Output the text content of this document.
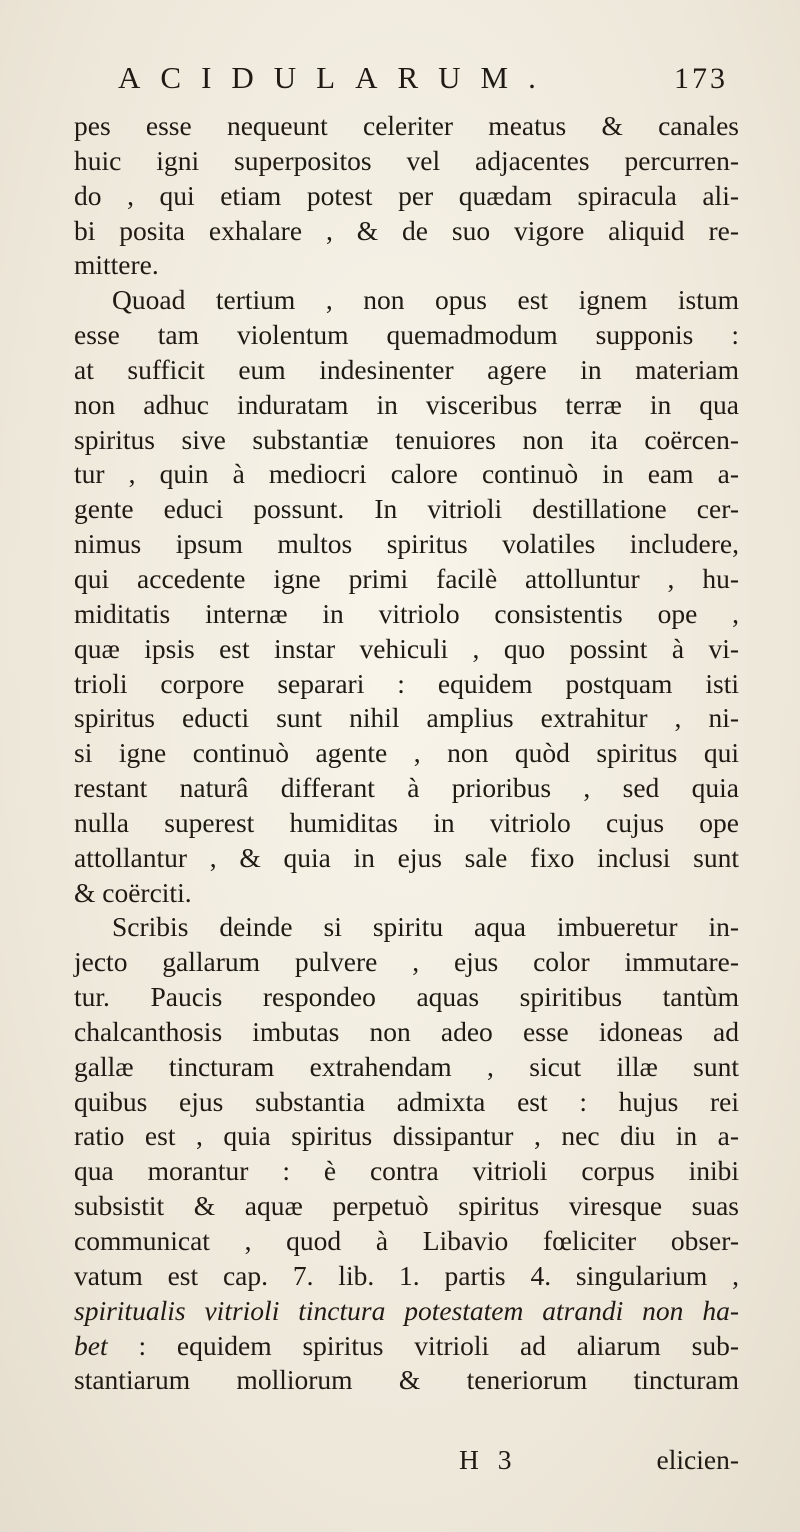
ACIDULARUM.	173
pes esse nequeunt celeriter meatus & canales
huic igni superpositos vel adjacentes percurren-
do , qui etiam potest per quædam spiracula ali-
bi posita exhalare , & de suo vigore aliquid re-
mittere.
Quoad tertium , non opus est ignem istum
esse tam violentum quemadmodum supponis :
at sufficit eum indesinenter agere in materiam
non adhuc induratam in visceribus terræ in qua
spiritus sive substantiæ tenuiores non ita coërcen-
tur , quin à mediocri calore continuò in eam a-
gente educi possunt. In vitrioli destillatione cer-
nimus ipsum multos spiritus volatiles includere,
qui accedente igne primi facilè attolluntur , hu-
miditatis internæ in vitriolo consistentis ope ,
quæ ipsis est instar vehiculi , quo possint à vi-
trioli corpore separari : equidem postquam isti
spiritus educti sunt nihil amplius extrahitur , ni-
si igne continuò agente , non quòd spiritus qui
restant naturâ differant à prioribus , sed quia
nulla superest humiditas in vitriolo cujus ope
attollantur , & quia in ejus sale fixo inclusi sunt
& coërciti.
Scribis deinde si spiritu aqua imbueretur in-
jecto gallarum pulvere , ejus color immutare-
tur. Paucis respondeo aquas spiritibus tantùm
chalcanthosis imbutas non adeo esse idoneas ad
gallæ tincturam extrahendam , sicut illæ sunt
quibus ejus substantia admixta est : hujus rei
ratio est , quia spiritus dissipantur , nec diu in a-
qua morantur : è contra vitrioli corpus inibi
subsistit & aquæ perpetuò spiritus viresque suas
communicat , quod à Libavio fœliciter obser-
vatum est cap. 7. lib. 1. partis 4. singularium ,
spiritualis vitrioli tinctura potestatem atrandi non ha-
bet : equidem spiritus vitrioli ad aliarum sub-
stantiarum molliorum & teneriorum tincturam
H 3	elicien-
